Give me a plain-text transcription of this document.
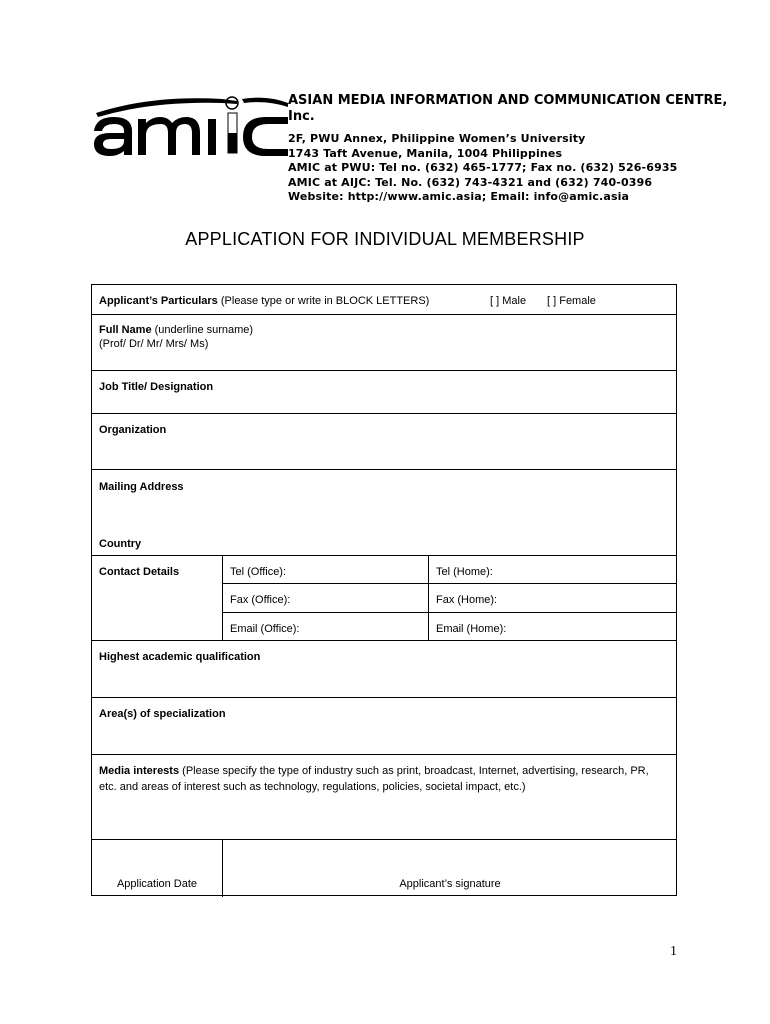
ASIAN MEDIA INFORMATION AND COMMUNICATION CENTRE, Inc.
2F, PWU Annex, Philippine Women’s University
1743 Taft Avenue, Manila, 1004 Philippines
AMIC at PWU: Tel no. (632) 465-1777; Fax no. (632) 526-6935
AMIC at AIJC: Tel. No. (632) 743-4321 and (632) 740-0396
Website: http://www.amic.asia; Email: info@amic.asia
APPLICATION FOR INDIVIDUAL MEMBERSHIP
Applicant’s Particulars (Please type or write in BLOCK LETTERS)	[ ] Male [ ] Female
Full Name (underline surname)
(Prof/ Dr/ Mr/ Mrs/ Ms)
Job Title/ Designation
Organization
Mailing Address
Country
Contact Details	Tel (Office):	Tel (Home):
Fax (Office):	Fax (Home):
Email (Office):	Email (Home):
Highest academic qualification
Area(s) of specialization
Media interests (Please specify the type of industry such as print, broadcast, Internet, advertising, research, PR, etc. and areas of interest such as technology, regulations, policies, societal impact, etc.)
Application Date	Applicant’s signature
1
